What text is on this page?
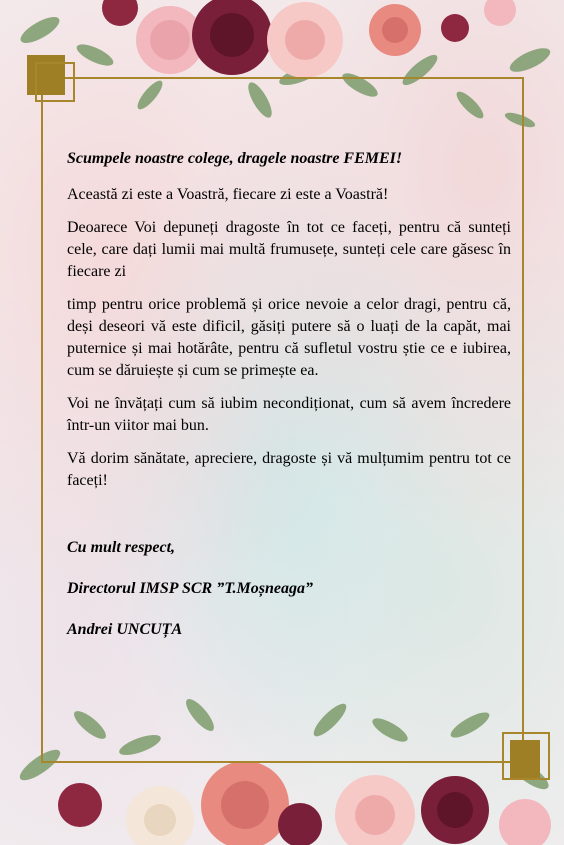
Scumpele noastre colege, dragele noastre FEMEI!

Această zi este a Voastră, fiecare zi este a Voastră!

Deoarece Voi depuneți dragoste în tot ce faceți, pentru că sunteți cele, care dați lumii mai multă frumusețe, sunteți cele care găsesc în fiecare zi

timp pentru orice problemă și orice nevoie a celor dragi, pentru că, deși deseori vă este dificil, găsiți putere să o luați de la capăt, mai puternice și mai hotărâte, pentru că sufletul vostru știe ce e iubirea, cum se dăruiește și cum se primește ea.

Voi ne învățați cum să iubim necondiționat, cum să avem încredere într-un viitor mai bun.

Vă dorim sănătate, apreciere, dragoste și vă mulțumim pentru tot ce faceți!

Cu mult respect,

Directorul IMSP SCR ”T.Moșneaga”

Andrei UNCUȚA
